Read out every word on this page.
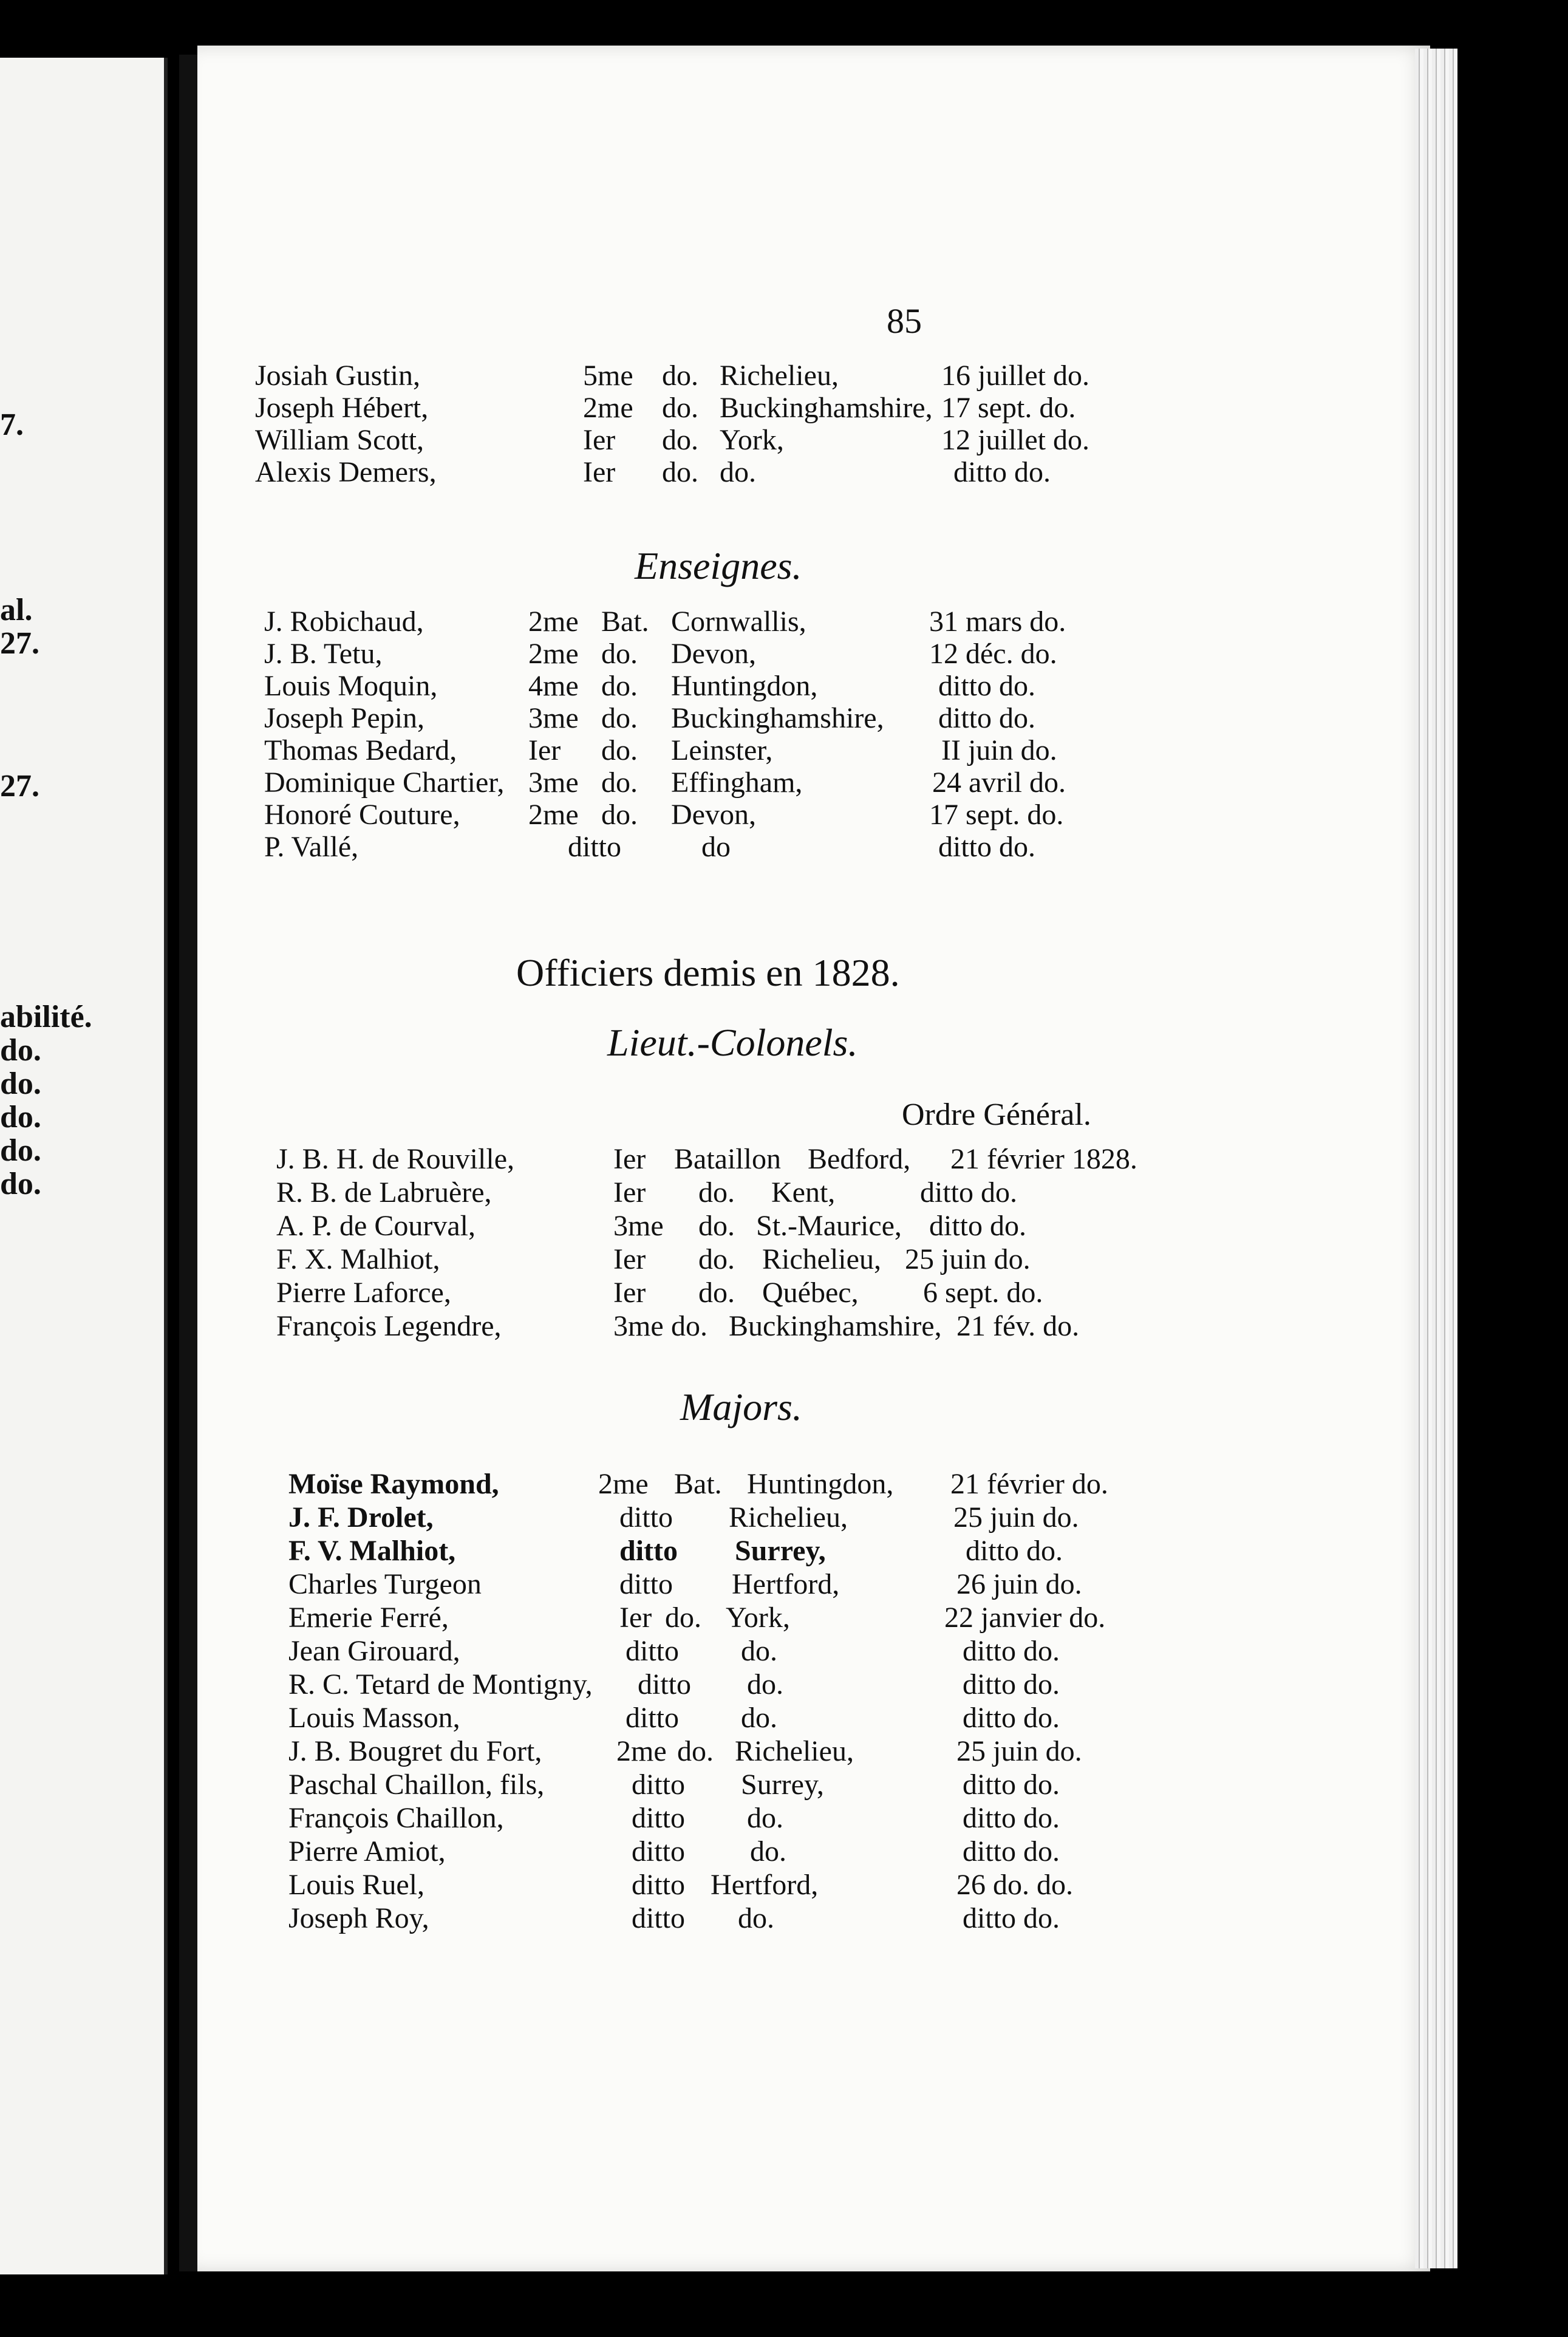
7.
al.
27.
27.
abilité.
do.
do.
do.
do.
do.
85
Josiah Gustin,	5me do. Richelieu,	16 juillet do.
Joseph Hébert,	2me do. Buckinghamshire, 17 sept. do.
William Scott,	Ier do. York,	12 juillet do.
Alexis Demers,	Ier do. do.	ditto do.
Enseignes.
J. Robichaud,	2me Bat. Cornwallis,	31 mars do.
J. B. Tetu,	2me do. Devon,	12 déc. do.
Louis Moquin,	4me do. Huntingdon,	ditto do.
Joseph Pepin,	3me do. Buckinghamshire, ditto do.
Thomas Bedard, Ier do. Leinster,	II juin do.
Dominique Chartier, 3me do. Effingham,	24 avril do.
Honoré Couture, 2me do. Devon,	17 sept. do.
P. Vallé,	ditto	do	ditto do.
Officiers demis en 1828.
Lieut.-Colonels.
Ordre Général.
J. B. H. de Rouville,	Ier Bataillon Bedford, 21 février 1828.
R. B. de Labruère,	Ier do. Kent,	ditto do.
A. P. de Courval,	3me do. St.-Maurice, ditto do.
F. X. Malhiot,	Ier do. Richelieu, 25 juin do.
Pierre Laforce,	Ier do. Québec, 6 sept. do.
François Legendre,	3me do. Buckinghamshire, 21 fév. do.
Majors.
Moïse Raymond,	2me Bat. Huntingdon, 21 février do.
J. F. Drolet,	ditto Richelieu,	25 juin do.
F. V. Malhiot,	ditto Surrey,	ditto do.
Charles Turgeon	ditto Hertford,	26 juin do.
Emerie Ferré,	Ier do. York,	22 janvier do.
Jean Girouard,	ditto do.	ditto do.
R. C. Tetard de Montigny, ditto do.	ditto do.
Louis Masson,	ditto do.	ditto do.
J. B. Bougret du Fort,	2me do. Richelieu,	25 juin do.
Paschal Chaillon, fils,	ditto Surrey,	ditto do.
François Chaillon,	ditto do.	ditto do.
Pierre Amiot,	ditto do.	ditto do.
Louis Ruel,	ditto Hertford,	26 do. do.
Joseph Roy,	ditto do.	ditto do.
